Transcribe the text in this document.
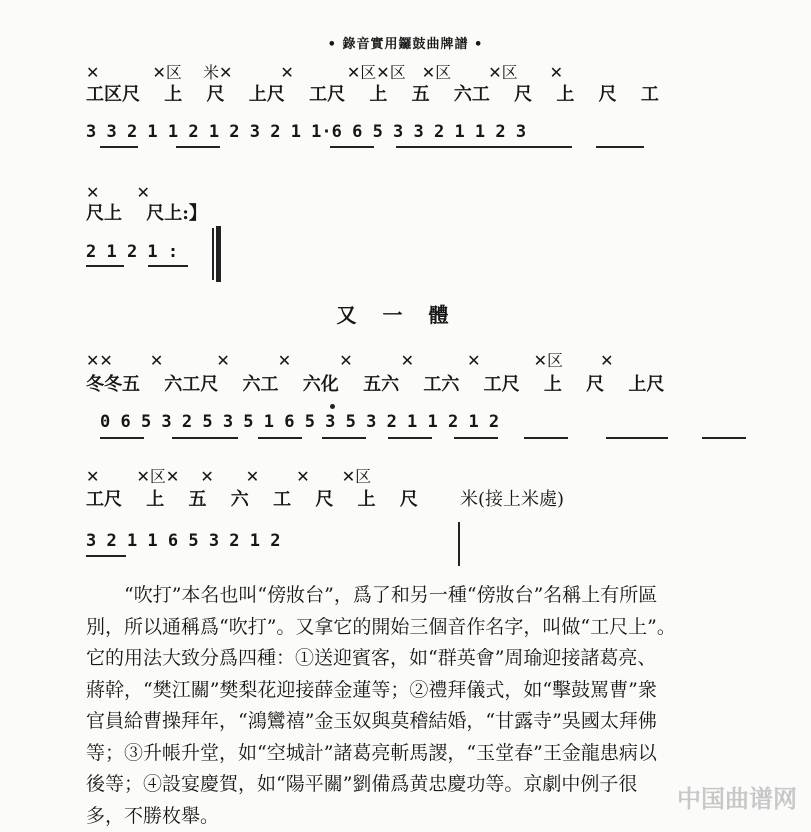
• 錄音實用鑼鼓曲牌譜 •
✕　　　 ✕区　 米✕　　　✕　　　 ✕区✕区　✕区　　 ✕区　　✕
工区尺　 上　 尺　 上尺　 工尺　 上　 五　 六工　 尺　 上　 尺　 工
3 3 2 1 1 2 1 2 3 2 1 1·6 6 5 3 3 2 1 1 2 3
✕　　 ✕
尺上　 尺上:】
2 1 2 1 :
又一體
✕✕　　 ✕　　　 ✕　　　✕　　　✕　　　✕　　　 ✕　　　 ✕区　　 ✕
冬冬五　 六工尺　 六工　 六化　 五六　 工六　 工尺　 上　 尺　 上尺
0 6 5 3 2 5 3 5 1 6 5 3 5 3 2 1 1 2 1 2
✕　　 ✕区✕　 ✕　　✕　　 ✕　　✕区
工尺　 上　 五　 六　 工　 尺　 上　 尺 米(接上米處)
3 2 1 1 6 5 3 2 1 2
“吹打”本名也叫“傍妝台”，爲了和另一種“傍妝台”名稱上有所區
別，所以通稱爲“吹打”。又拿它的開始三個音作名字，叫做“工尺上”。
它的用法大致分爲四種：①送迎賓客，如“群英會”周瑜迎接諸葛亮、
蔣幹，“樊江關”樊梨花迎接薛金蓮等；②禮拜儀式，如“擊鼓罵曹”衆
官員給曹操拜年，“鴻鸞禧”金玉奴與莫稽結婚，“甘露寺”吳國太拜佛
等；③升帳升堂，如“空城計”諸葛亮斬馬謖，“玉堂春”王金龍患病以
後等；④設宴慶賀，如“陽平關”劉備爲黄忠慶功等。京劇中例子很
多，不勝枚舉。
中国曲谱网
